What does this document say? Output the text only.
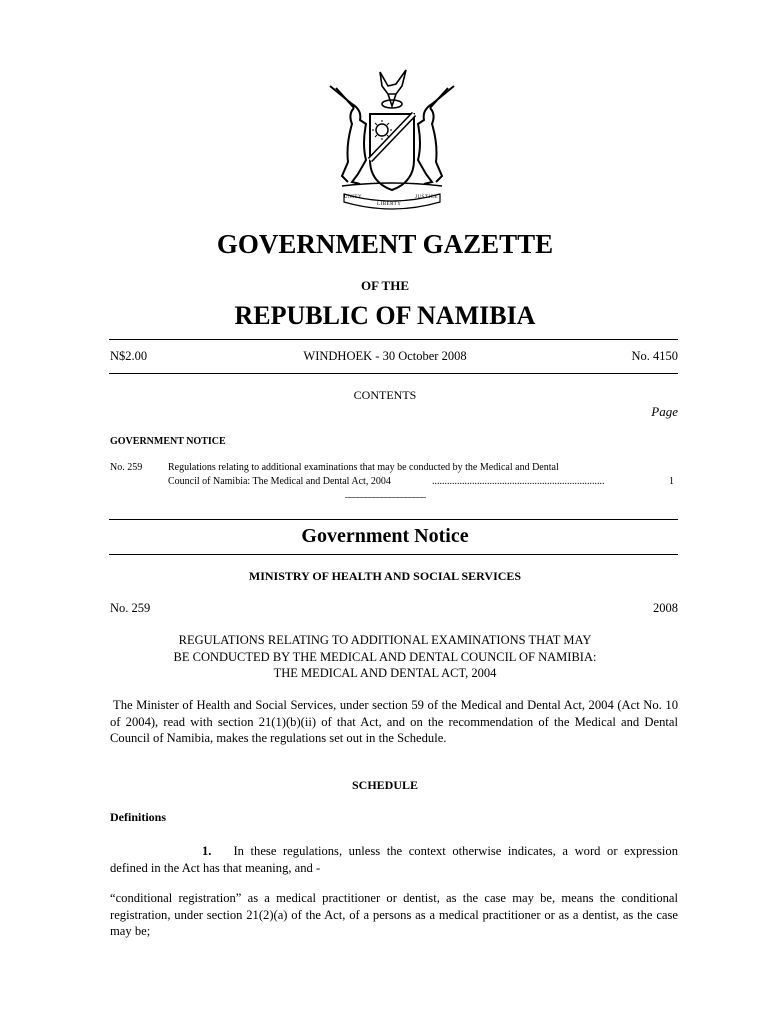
UNITY
LIBERTY
JUSTICE
GOVERNMENT GAZETTE
OF THE
REPUBLIC OF NAMIBIA
N$2.00	WINDHOEK - 30 October 2008	No. 4150
CONTENTS
Page
GOVERNMENT NOTICE
No. 259	Regulations relating to additional examinations that may be conducted by the Medical and Dental
Council of Namibia: The Medical and Dental Act, 2004	.....................................................................	1
____________________
Government Notice
MINISTRY OF HEALTH AND SOCIAL SERVICES
No. 259	2008
REGULATIONS RELATING TO ADDITIONAL EXAMINATIONS THAT MAY
BE CONDUCTED BY THE MEDICAL AND DENTAL COUNCIL OF NAMIBIA:
THE MEDICAL AND DENTAL ACT, 2004
The Minister of Health and Social Services, under section 59 of the Medical and Dental Act, 2004 (Act No. 10 of 2004), read with section 21(1)(b)(ii) of that Act, and on the recommendation of the Medical and Dental Council of Namibia, makes the regulations set out in the Schedule.
SCHEDULE
Definitions
1. In these regulations, unless the context otherwise indicates, a word or expression defined in the Act has that meaning, and -
“conditional registration” as a medical practitioner or dentist, as the case may be, means the conditional registration, under section 21(2)(a) of the Act, of a persons as a medical practitioner or as a dentist, as the case may be;
